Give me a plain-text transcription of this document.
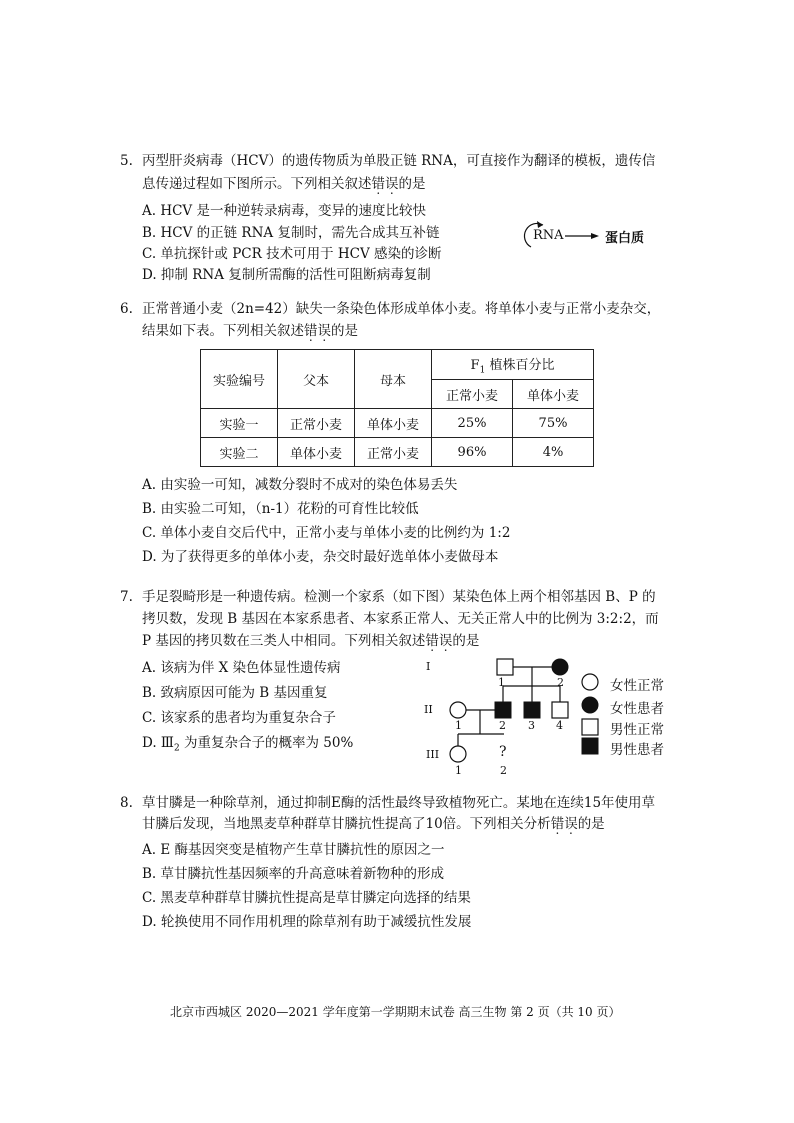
5. 丙型肝炎病毒（HCV）的遗传物质为单股正链 RNA，可直接作为翻译的模板，遗传信
息传递过程如下图所示。下列相关叙述错误的是
A. HCV 是一种逆转录病毒，变异的速度比较快
B. HCV 的正链 RNA 复制时，需先合成其互补链
C. 单抗探针或 PCR 技术可用于 HCV 感染的诊断
D. 抑制 RNA 复制所需酶的活性可阻断病毒复制
RNA	蛋白质
6. 正常普通小麦（2n=42）缺失一条染色体形成单体小麦。将单体小麦与正常小麦杂交，
结果如下表。下列相关叙述错误的是
实验编号	父本	母本	$F_1$ 植株百分比	
			正常小麦	单体小麦
实验一	正常小麦	单体小麦	25%	75%
实验二	单体小麦	正常小麦	96%	4%
A. 由实验一可知，减数分裂时不成对的染色体易丢失
B. 由实验二可知，（n-1）花粉的可育性比较低
C. 单体小麦自交后代中，正常小麦与单体小麦的比例约为 1:2
D. 为了获得更多的单体小麦，杂交时最好选单体小麦做母本
7. 手足裂畸形是一种遗传病。检测一个家系（如下图）某染色体上两个相邻基因 B、P 的
拷贝数，发现 B 基因在本家系患者、本家系正常人、无关正常人中的比例为 3:2:2，而
P 基因的拷贝数在三类人中相同。下列相关叙述错误的是
A. 该病为伴 X 染色体显性遗传病
B. 致病原因可能为 B 基因重复
C. 该家系的患者均为重复杂合子
D. $Ⅲ_2$ 为重复杂合子的概率为 50%
I
II
III
1	2
1	2 3 4
1	2
?
女性正常
女性患者
男性正常
男性患者
8. 草甘膦是一种除草剂，通过抑制E酶的活性最终导致植物死亡。某地在连续15年使用草
甘膦后发现，当地黑麦草种群草甘膦抗性提高了10倍。下列相关分析错误的是
A. E 酶基因突变是植物产生草甘膦抗性的原因之一
B. 草甘膦抗性基因频率的升高意味着新物种的形成
C. 黑麦草种群草甘膦抗性提高是草甘膦定向选择的结果
D. 轮换使用不同作用机理的除草剂有助于减缓抗性发展
北京市西城区 2020—2021 学年度第一学期期末试卷 高三生物 第 2 页（共 10 页）
